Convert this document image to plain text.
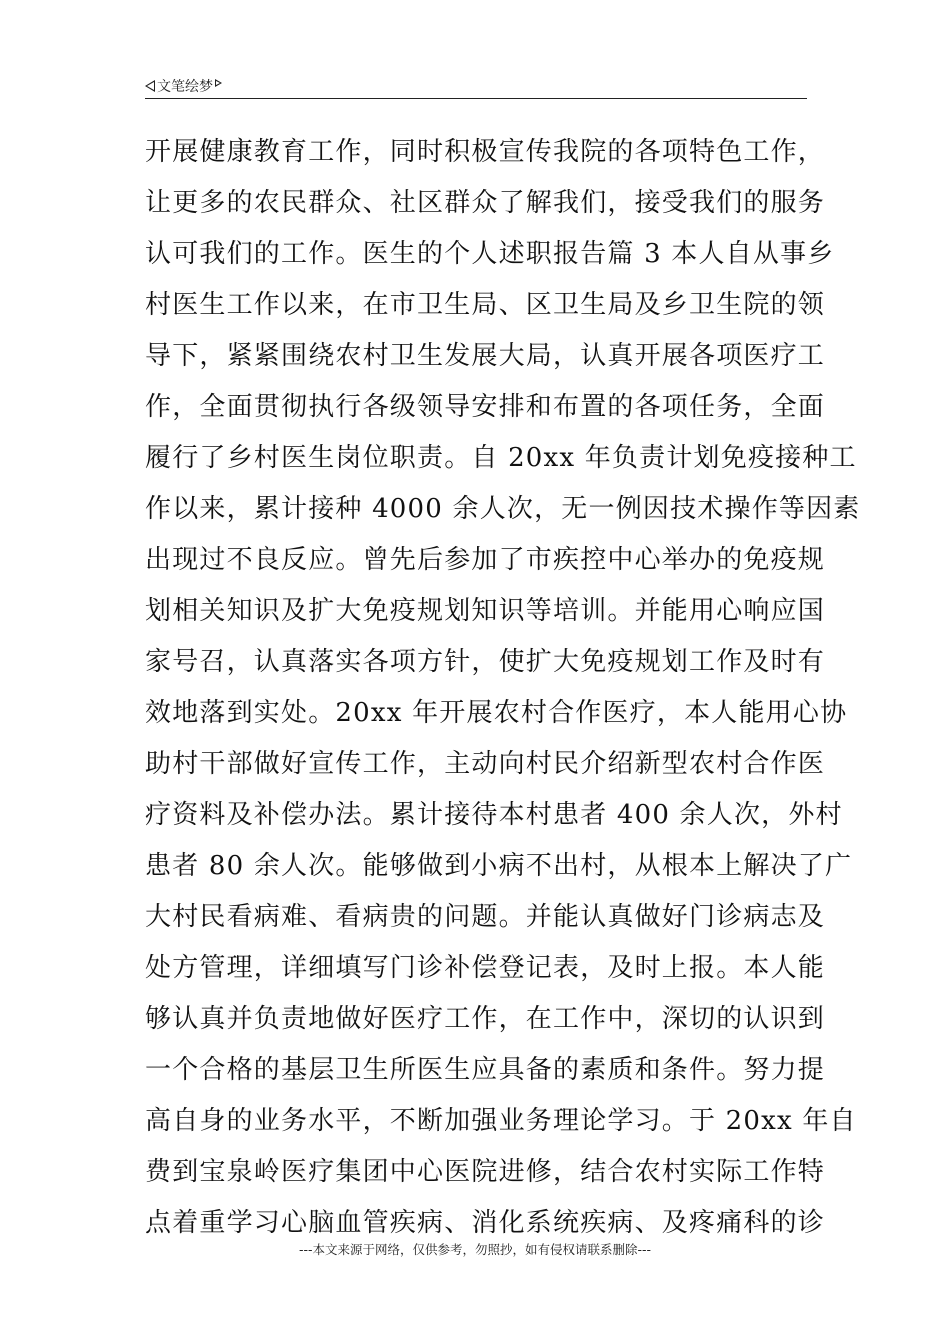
文笔绘梦
开展健康教育工作，同时积极宣传我院的各项特色工作，
让更多的农民群众、社区群众了解我们，接受我们的服务
认可我们的工作。医生的个人述职报告篇 3 本人自从事乡
村医生工作以来，在市卫生局、区卫生局及乡卫生院的领
导下，紧紧围绕农村卫生发展大局，认真开展各项医疗工
作，全面贯彻执行各级领导安排和布置的各项任务，全面
履行了乡村医生岗位职责。自 20xx 年负责计划免疫接种工
作以来，累计接种 4000 余人次，无一例因技术操作等因素
出现过不良反应。曾先后参加了市疾控中心举办的免疫规
划相关知识及扩大免疫规划知识等培训。并能用心响应国
家号召，认真落实各项方针，使扩大免疫规划工作及时有
效地落到实处。20xx 年开展农村合作医疗，本人能用心协
助村干部做好宣传工作，主动向村民介绍新型农村合作医
疗资料及补偿办法。累计接待本村患者 400 余人次，外村
患者 80 余人次。能够做到小病不出村，从根本上解决了广
大村民看病难、看病贵的问题。并能认真做好门诊病志及
处方管理，详细填写门诊补偿登记表，及时上报。本人能
够认真并负责地做好医疗工作，在工作中，深切的认识到
一个合格的基层卫生所医生应具备的素质和条件。努力提
高自身的业务水平，不断加强业务理论学习。于 20xx 年自
费到宝泉岭医疗集团中心医院进修，结合农村实际工作特
点着重学习心脑血管疾病、消化系统疾病、及疼痛科的诊
---本文来源于网络，仅供参考，勿照抄，如有侵权请联系删除---
